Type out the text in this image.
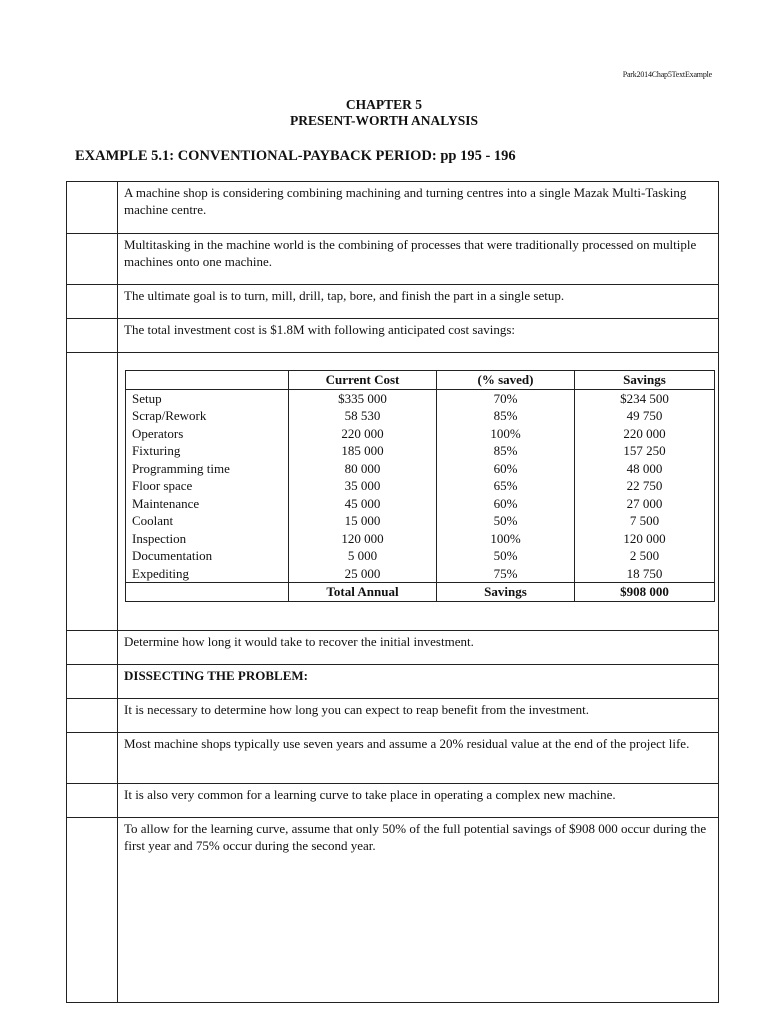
Park2014Chap5TextExample
CHAPTER 5
PRESENT-WORTH ANALYSIS
EXAMPLE 5.1: CONVENTIONAL-PAYBACK PERIOD: pp 195 - 196
A machine shop is considering combining machining and turning centres into a single Mazak Multi-Tasking machine centre.
Multitasking in the machine world is the combining of processes that were traditionally processed on multiple machines onto one machine.
The ultimate goal is to turn, mill, drill, tap, bore, and finish the part in a single setup.
The total investment cost is $1.8M with following anticipated cost savings:
	Current Cost	(% saved)	Savings
Setup	$335 000	70%	$234 500
Scrap/Rework	58 530	85%	49 750
Operators	220 000	100%	220 000
Fixturing	185 000	85%	157 250
Programming time	80 000	60%	48 000
Floor space	35 000	65%	22 750
Maintenance	45 000	60%	27 000
Coolant	15 000	50%	7 500
Inspection	120 000	100%	120 000
Documentation	5 000	50%	2 500
Expediting	25 000	75%	18 750
	Total Annual	Savings	$908 000
Determine how long it would take to recover the initial investment.
DISSECTING THE PROBLEM:
It is necessary to determine how long you can expect to reap benefit from the investment.
Most machine shops typically use seven years and assume a 20% residual value at the end of the project life.
It is also very common for a learning curve to take place in operating a complex new machine.
To allow for the learning curve, assume that only 50% of the full potential savings of $908 000 occur during the first year and 75% occur during the second year.
